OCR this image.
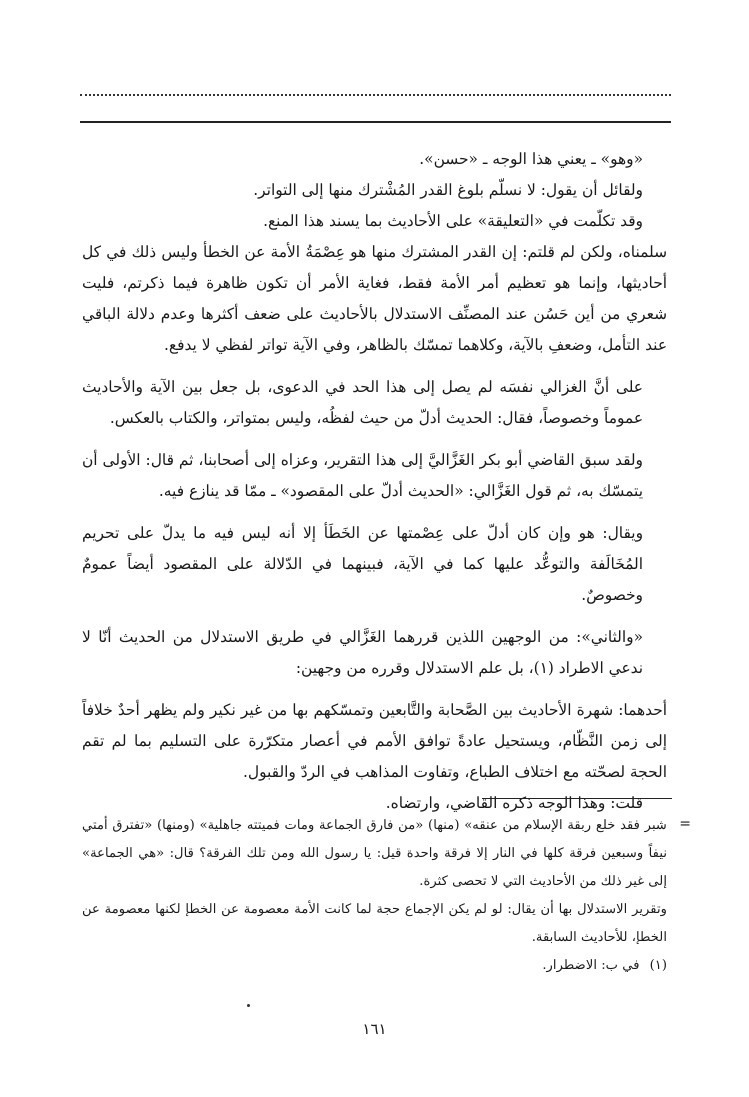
«وهو» ـ يعني هذا الوجه ـ «حسن».

ولقائل أن يقول: لا نسلّم بلوغ القدر المُشْترك منها إلى التواتر.

وقد تكلّمت في «التعليقة» على الأحاديث بما يسند هذا المنع.

سلمناه، ولكن لم قلتم: إن القدر المشترك منها هو عِصْمَةُ الأمة عن الخطأ وليس ذلك في كل أحاديثها، وإنما هو تعظيم أمر الأمة فقط، فغاية الأمر أن تكون ظاهرة فيما ذكرتم، فليت شعري من أين حَسُن عند المصنِّف الاستدلال بالأحاديث على ضعف أكثرها وعدم دلالة الباقي عند التأمل، وضعفِ بالآية، وكلاهما تمسّك بالظاهر، وفي الآية تواتر لفظي لا يدفع.

على أنَّ الغزالي نفسَه لم يصل إلى هذا الحد في الدعوى، بل جعل بين الآية والأحاديث عموماً وخصوصاً، فقال: الحديث أدلّ من حيث لفظُه، وليس بمتواتر، والكتاب بالعكس.

ولقد سبق القاضي أبو بكر الغَزَّاليَّ إلى هذا التقرير، وعزاه إلى أصحابنا، ثم قال: الأولى أن يتمسّك به، ثم قول الغَزَّالي: «الحديث أدلّ على المقصود» ـ ممّا قد ينازع فيه.

ويقال: هو وإن كان أدلّ على عِصْمتها عن الخَطَأ إلا أنه ليس فيه ما يدلّ على تحريم المُخَالَفة والتوعُّد عليها كما في الآية، فبينهما في الدّلالة على المقصود أيضاً عمومٌ وخصوصٌ.

«والثاني»: من الوجهين اللذين قررهما الغَزَّالي في طريق الاستدلال من الحديث أنّا لا ندعي الاطراد (١)، بل علم الاستدلال وقرره من وجهين:

أحدهما: شهرة الأحاديث بين الصَّحابة والتَّابعين وتمسّكهم بها من غير نكير ولم يظهر أحدٌ خلافاً إلى زمن النَّظّام، ويستحيل عادةً توافق الأمم في أعصار متكرّرة على التسليم بما لم تقم الحجة لصحّته مع اختلاف الطباع، وتفاوت المذاهب في الردّ والقبول.

قلت: وهذا الوجه ذكره القاضي، وارتضاه.

=

شبر فقد خلع ربقة الإسلام من عنقه» (منها) «من فارق الجماعة ومات فميتته جاهلية» (ومنها) «تفترق أمتي نيفاً وسبعين فرقة كلها في النار إلا فرقة واحدة قيل: يا رسول الله ومن تلك الفرقة؟ قال: «هي الجماعة» إلى غير ذلك من الأحاديث التي لا تحصى كثرة.

وتقرير الاستدلال بها أن يقال: لو لم يكن الإجماع حجة لما كانت الأمة معصومة عن الخطإ لكنها معصومة عن الخطإ، للأحاديث السابقة.

(١)في ب: الاضطرار.

١٦١
